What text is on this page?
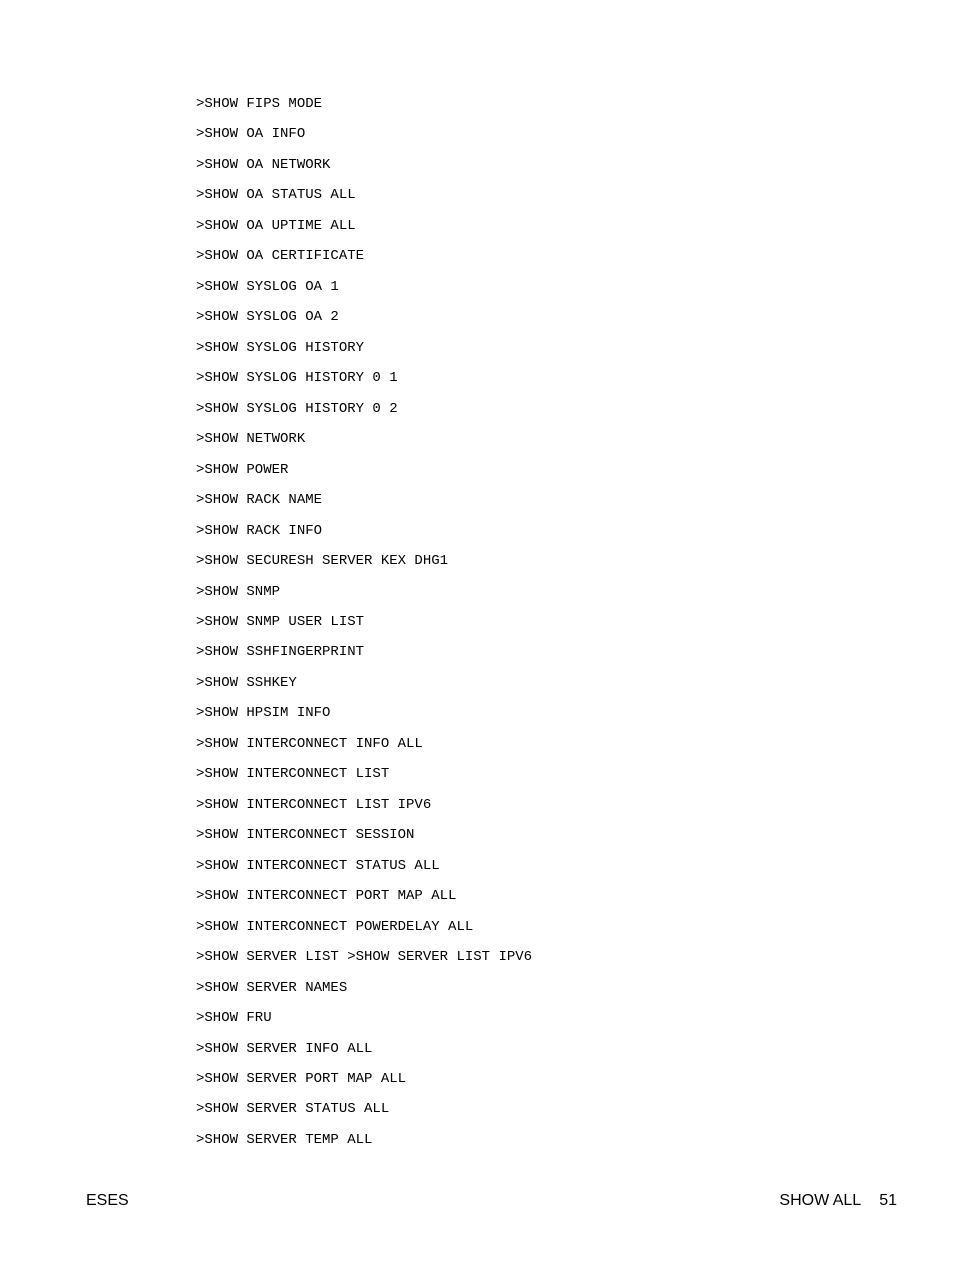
>SHOW FIPS MODE
>SHOW OA INFO
>SHOW OA NETWORK
>SHOW OA STATUS ALL
>SHOW OA UPTIME ALL
>SHOW OA CERTIFICATE
>SHOW SYSLOG OA 1
>SHOW SYSLOG OA 2
>SHOW SYSLOG HISTORY
>SHOW SYSLOG HISTORY 0 1
>SHOW SYSLOG HISTORY 0 2
>SHOW NETWORK
>SHOW POWER
>SHOW RACK NAME
>SHOW RACK INFO
>SHOW SECURESH SERVER KEX DHG1
>SHOW SNMP
>SHOW SNMP USER LIST
>SHOW SSHFINGERPRINT
>SHOW SSHKEY
>SHOW HPSIM INFO
>SHOW INTERCONNECT INFO ALL
>SHOW INTERCONNECT LIST
>SHOW INTERCONNECT LIST IPV6
>SHOW INTERCONNECT SESSION
>SHOW INTERCONNECT STATUS ALL
>SHOW INTERCONNECT PORT MAP ALL
>SHOW INTERCONNECT POWERDELAY ALL
>SHOW SERVER LIST >SHOW SERVER LIST IPV6
>SHOW SERVER NAMES
>SHOW FRU
>SHOW SERVER INFO ALL
>SHOW SERVER PORT MAP ALL
>SHOW SERVER STATUS ALL
>SHOW SERVER TEMP ALL
ESES	SHOW ALL 51
